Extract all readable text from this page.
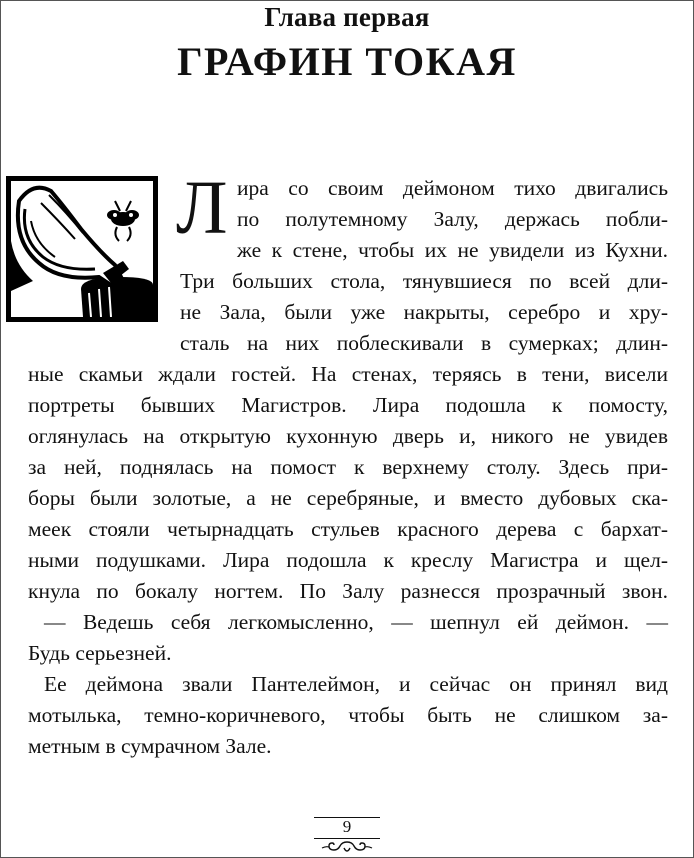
Глава первая
ГРАФИН ТОКАЯ
Л ира со своим деймоном тихо двигались
по полутемному Залу, держась побли-
же к стене, чтобы их не увидели из Кухни.
Три больших стола, тянувшиеся по всей дли-
не Зала, были уже накрыты, серебро и хру-
сталь на них поблескивали в сумерках; длин-
ные скамьи ждали гостей. На стенах, теряясь в тени, висели
портреты бывших Магистров. Лира подошла к помосту,
оглянулась на открытую кухонную дверь и, никого не увидев
за ней, поднялась на помост к верхнему столу. Здесь при-
боры были золотые, а не серебряные, и вместо дубовых ска-
меек стояли четырнадцать стульев красного дерева с бархат-
ными подушками. Лира подошла к креслу Магистра и щел-
кнула по бокалу ногтем. По Залу разнесся прозрачный звон.
— Ведешь себя легкомысленно, — шепнул ей деймон. —
Будь серьезней.
Ее деймона звали Пантелеймон, и сейчас он принял вид
мотылька, темно-коричневого, чтобы быть не слишком за-
метным в сумрачном Зале.
9
